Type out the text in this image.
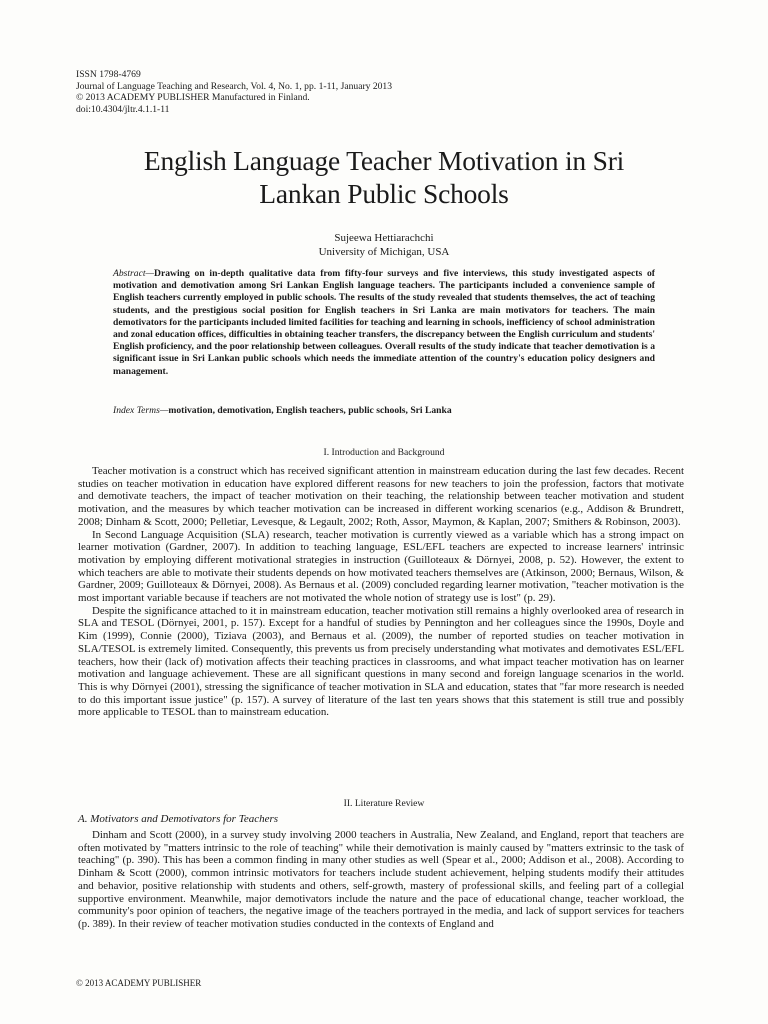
ISSN 1798-4769
Journal of Language Teaching and Research, Vol. 4, No. 1, pp. 1-11, January 2013
© 2013 ACADEMY PUBLISHER Manufactured in Finland.
doi:10.4304/jltr.4.1.1-11
English Language Teacher Motivation in Sri
Lankan Public Schools
Sujeewa Hettiarachchi
University of Michigan, USA

Abstract—Drawing on in-depth qualitative data from fifty-four surveys and five interviews, this study investigated aspects of motivation and demotivation among Sri Lankan English language teachers. The participants included a convenience sample of English teachers currently employed in public schools. The results of the study revealed that students themselves, the act of teaching students, and the prestigious social position for English teachers in Sri Lanka are main motivators for teachers. The main demotivators for the participants included limited facilities for teaching and learning in schools, inefficiency of school administration and zonal education offices, difficulties in obtaining teacher transfers, the discrepancy between the English curriculum and students' English proficiency, and the poor relationship between colleagues. Overall results of the study indicate that teacher demotivation is a significant issue in Sri Lankan public schools which needs the immediate attention of the country's education policy designers and management.

Index Terms—motivation, demotivation, English teachers, public schools, Sri Lanka

I. Introduction and Background

Teacher motivation is a construct which has received significant attention in mainstream education during the last few decades. Recent studies on teacher motivation in education have explored different reasons for new teachers to join the profession, factors that motivate and demotivate teachers, the impact of teacher motivation on their teaching, the relationship between teacher motivation and student motivation, and the measures by which teacher motivation can be increased in different working scenarios (e.g., Addison & Brundrett, 2008; Dinham & Scott, 2000; Pelletiar, Levesque, & Legault, 2002; Roth, Assor, Maymon, & Kaplan, 2007; Smithers & Robinson, 2003).

In Second Language Acquisition (SLA) research, teacher motivation is currently viewed as a variable which has a strong impact on learner motivation (Gardner, 2007). In addition to teaching language, ESL/EFL teachers are expected to increase learners' intrinsic motivation by employing different motivational strategies in instruction (Guilloteaux & Dörnyei, 2008, p. 52). However, the extent to which teachers are able to motivate their students depends on how motivated teachers themselves are (Atkinson, 2000; Bernaus, Wilson, & Gardner, 2009; Guilloteaux & Dörnyei, 2008). As Bernaus et al. (2009) concluded regarding learner motivation, "teacher motivation is the most important variable because if teachers are not motivated the whole notion of strategy use is lost" (p. 29).

Despite the significance attached to it in mainstream education, teacher motivation still remains a highly overlooked area of research in SLA and TESOL (Dörnyei, 2001, p. 157). Except for a handful of studies by Pennington and her colleagues since the 1990s, Doyle and Kim (1999), Connie (2000), Tiziava (2003), and Bernaus et al. (2009), the number of reported studies on teacher motivation in SLA/TESOL is extremely limited. Consequently, this prevents us from precisely understanding what motivates and demotivates ESL/EFL teachers, how their (lack of) motivation affects their teaching practices in classrooms, and what impact teacher motivation has on learner motivation and language achievement. These are all significant questions in many second and foreign language scenarios in the world. This is why Dörnyei (2001), stressing the significance of teacher motivation in SLA and education, states that "far more research is needed to do this important issue justice" (p. 157). A survey of literature of the last ten years shows that this statement is still true and possibly more applicable to TESOL than to mainstream education.

II. Literature Review
A. Motivators and Demotivators for Teachers

Dinham and Scott (2000), in a survey study involving 2000 teachers in Australia, New Zealand, and England, report that teachers are often motivated by "matters intrinsic to the role of teaching" while their demotivation is mainly caused by "matters extrinsic to the task of teaching" (p. 390). This has been a common finding in many other studies as well (Spear et al., 2000; Addison et al., 2008). According to Dinham & Scott (2000), common intrinsic motivators for teachers include student achievement, helping students modify their attitudes and behavior, positive relationship with students and others, self-growth, mastery of professional skills, and feeling part of a collegial supportive environment. Meanwhile, major demotivators include the nature and the pace of educational change, teacher workload, the community's poor opinion of teachers, the negative image of the teachers portrayed in the media, and lack of support services for teachers (p. 389). In their review of teacher motivation studies conducted in the contexts of England and

© 2013 ACADEMY PUBLISHER
